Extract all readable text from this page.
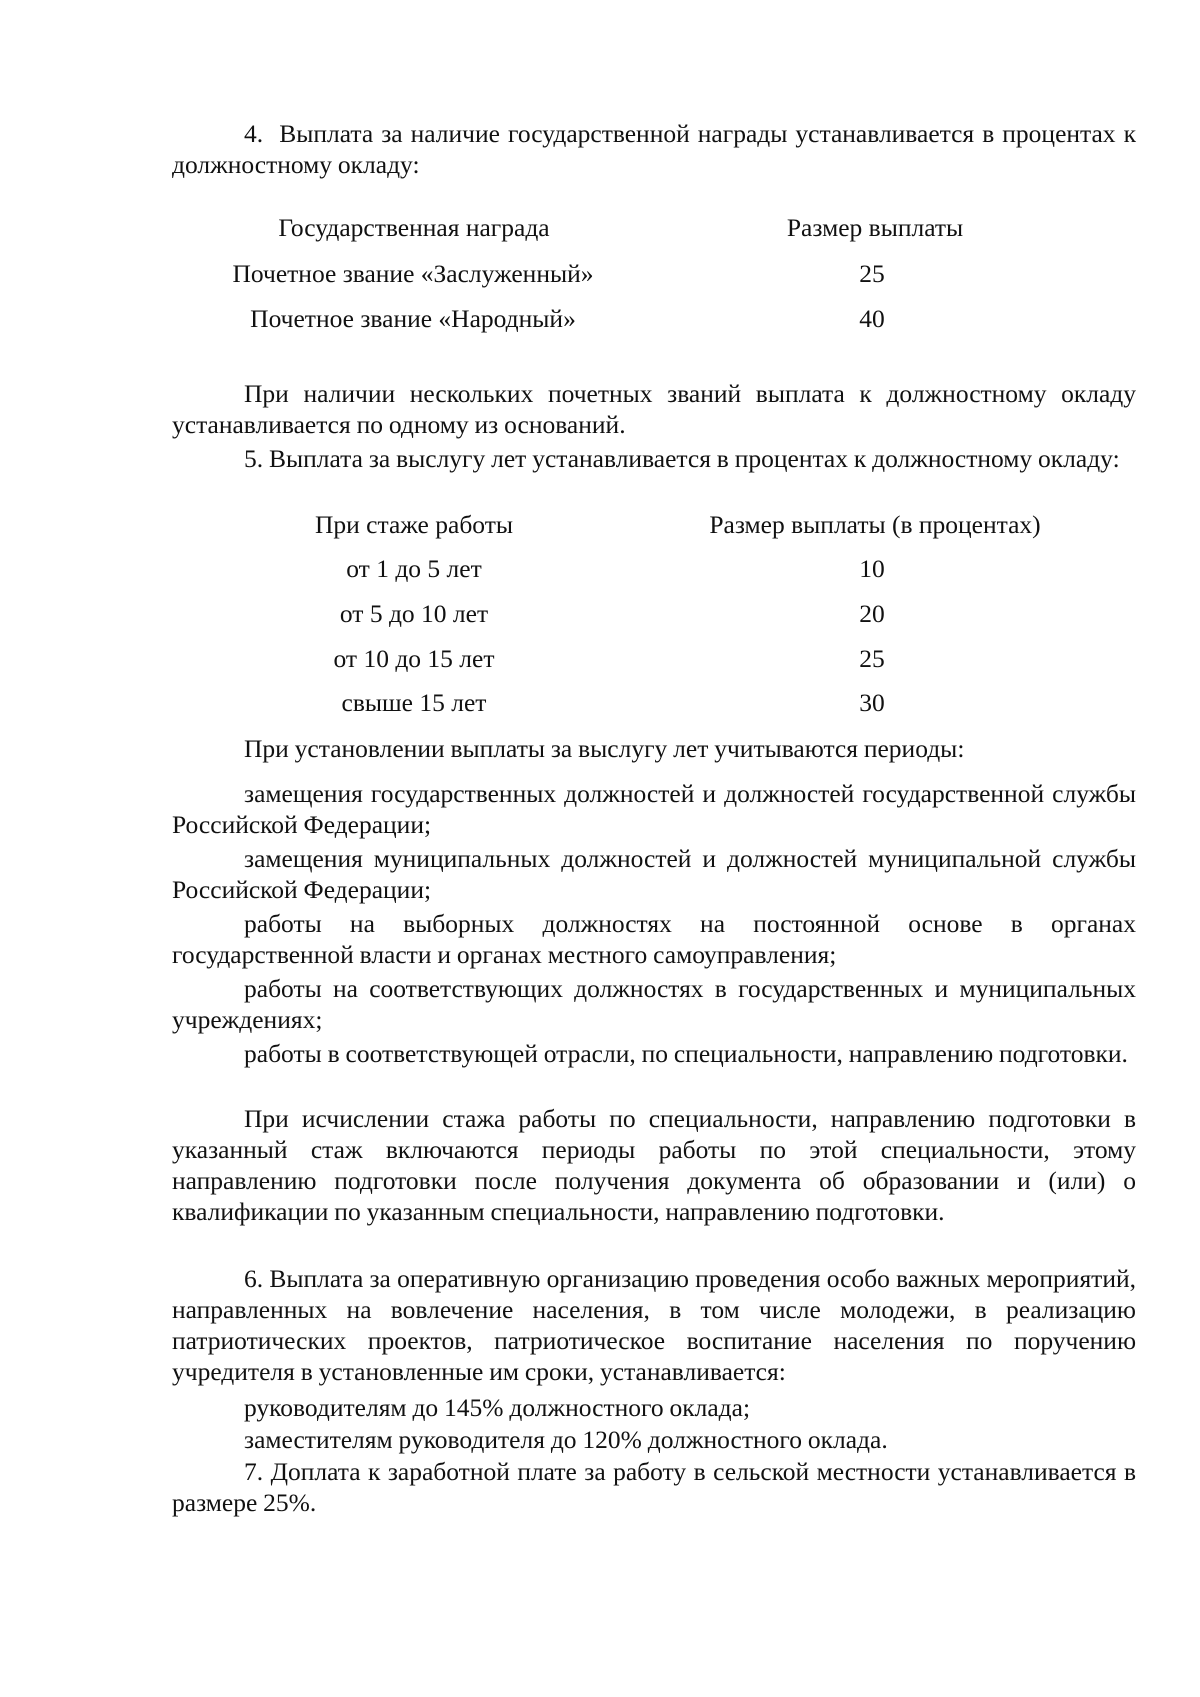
4.  Выплата за наличие государственной награды устанавливается в процентах к должностному окладу:

Государственная награда	Размер выплаты
Почетное звание «Заслуженный»	25
Почетное звание «Народный»	40

При наличии нескольких почетных званий выплата к должностному окладу устанавливается по одному из оснований.

5. Выплата за выслугу лет устанавливается в процентах к должностному окладу:

При стаже работы	Размер выплаты (в процентах)
от 1 до 5 лет	10
от 5 до 10 лет	20
от 10 до 15 лет	25
свыше 15 лет	30

При установлении выплаты за выслугу лет учитываются периоды:

замещения государственных должностей и должностей государственной службы Российской Федерации;

замещения муниципальных должностей и должностей муниципальной службы Российской Федерации;

работы на выборных должностях на постоянной основе в органах государственной власти и органах местного самоуправления;

работы на соответствующих должностях в государственных и муниципальных учреждениях;

работы в соответствующей отрасли, по специальности, направлению подготовки.

При исчислении стажа работы по специальности, направлению подготовки в указанный стаж включаются периоды работы по этой специальности, этому направлению подготовки после получения документа об образовании и (или) о квалификации по указанным специальности, направлению подготовки.

6. Выплата за оперативную организацию проведения особо важных мероприятий, направленных на вовлечение населения, в том числе молодежи, в реализацию патриотических проектов, патриотическое воспитание населения по поручению учредителя в установленные им сроки, устанавливается:

руководителям до 145% должностного оклада;

заместителям руководителя до 120% должностного оклада.

7. Доплата к заработной плате за работу в сельской местности устанавливается в размере 25%.
